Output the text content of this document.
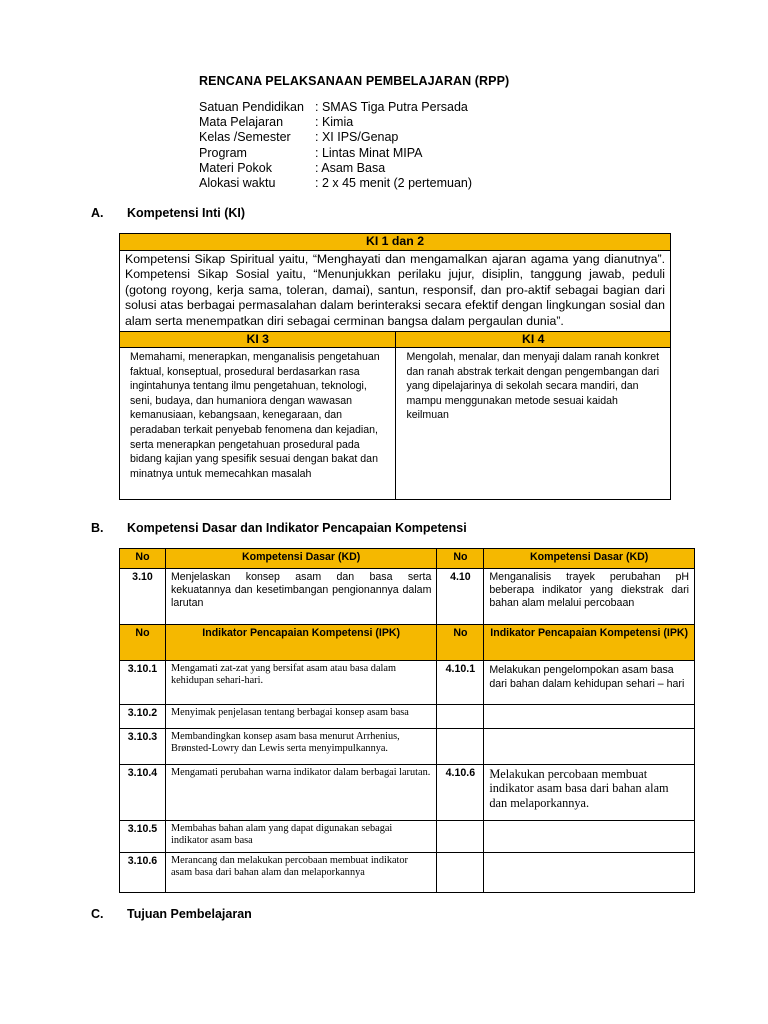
RENCANA PELAKSANAAN PEMBELAJARAN (RPP)
Satuan Pendidikan : SMAS Tiga Putra Persada
Mata Pelajaran	: Kimia
Kelas /Semester	: XI IPS/Genap
Program	: Lintas Minat MIPA
Materi Pokok	: Asam Basa
Alokasi waktu	: 2 x 45 menit (2 pertemuan)
A.	Kompetensi Inti (KI)
KI 1 dan 2	
Kompetensi Sikap Spiritual yaitu, “Menghayati dan mengamalkan ajaran agama yang dianutnya”. Kompetensi Sikap Sosial yaitu, “Menunjukkan perilaku jujur, disiplin, tanggung jawab, peduli (gotong royong, kerja sama, toleran, damai), santun, responsif, dan pro-aktif sebagai bagian dari solusi atas berbagai permasalahan dalam berinteraksi secara efektif dengan lingkungan sosial dan alam serta menempatkan diri sebagai cerminan bangsa dalam pergaulan dunia”.	
KI 3	KI 4
Memahami, menerapkan, menganalisis pengetahuan faktual, konseptual, prosedural berdasarkan rasa ingintahunya tentang ilmu pengetahuan, teknologi, seni, budaya, dan humaniora dengan wawasan kemanusiaan, kebangsaan, kenegaraan, dan peradaban terkait penyebab fenomena dan kejadian, serta menerapkan pengetahuan prosedural pada bidang kajian yang spesifik sesuai dengan bakat dan minatnya untuk memecahkan masalah	Mengolah, menalar, dan menyaji dalam ranah konkret dan ranah abstrak terkait dengan pengembangan dari yang dipelajarinya di sekolah secara mandiri, dan mampu menggunakan metode sesuai kaidah keilmuan
B.	Kompetensi Dasar dan Indikator Pencapaian Kompetensi
No	Kompetensi Dasar (KD)	No	Kompetensi Dasar (KD)
3.10	Menjelaskan konsep asam dan basa serta kekuatannya dan kesetimbangan pengionannya dalam larutan	4.10	Menganalisis trayek perubahan pH beberapa indikator yang diekstrak dari bahan alam melalui percobaan
No	Indikator Pencapaian Kompetensi (IPK)	No	Indikator Pencapaian Kompetensi (IPK)
3.10.1	Mengamati zat-zat yang bersifat asam atau basa dalam kehidupan sehari-hari.	4.10.1	Melakukan pengelompokan asam basa dari bahan dalam kehidupan sehari – hari
3.10.2	Menyimak penjelasan tentang berbagai konsep asam basa		
3.10.3	Membandingkan konsep asam basa menurut Arrhenius, Brønsted-Lowry dan Lewis serta menyimpulkannya.		
3.10.4	Mengamati perubahan warna indikator dalam berbagai larutan.	4.10.6	Melakukan percobaan membuat indikator asam basa dari bahan alam dan melaporkannya.
3.10.5	Membahas bahan alam yang dapat digunakan sebagai indikator asam basa		
3.10.6	Merancang dan melakukan percobaan membuat indikator asam basa dari bahan alam dan melaporkannya		
C.	Tujuan Pembelajaran
